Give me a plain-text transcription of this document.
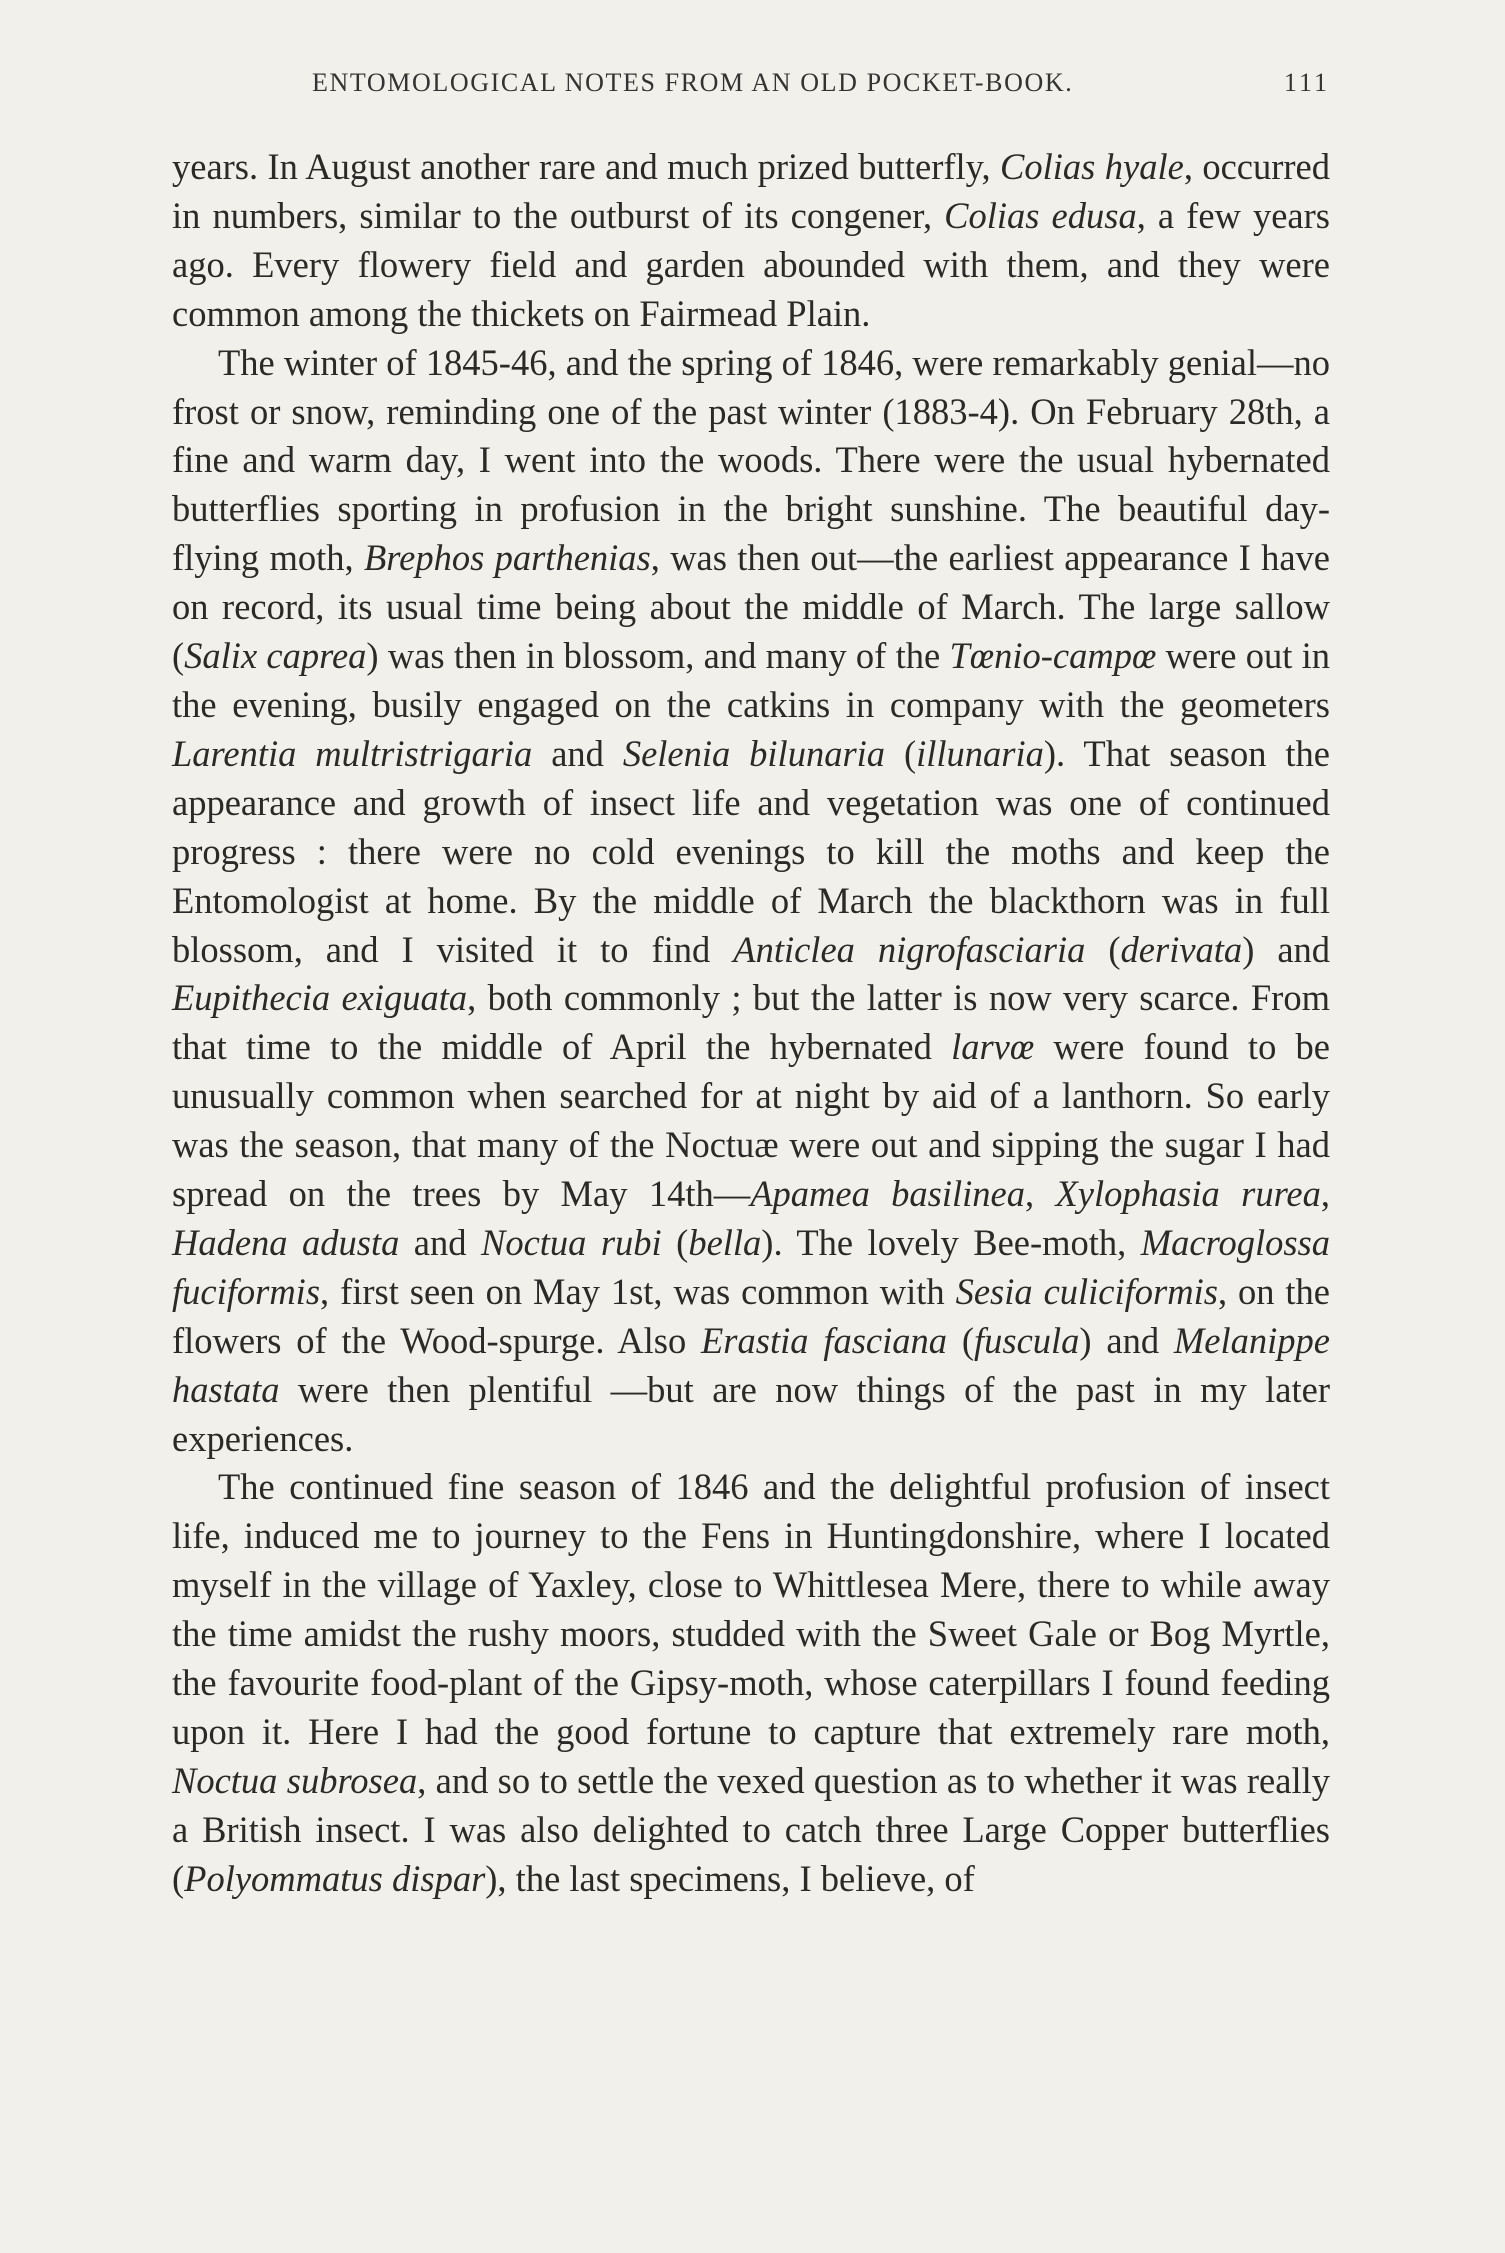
ENTOMOLOGICAL NOTES FROM AN OLD POCKET-BOOK.	111

years. In August another rare and much prized butterfly, Colias hyale, occurred in numbers, similar to the outburst of its congener, Colias edusa, a few years ago. Every flowery field and garden abounded with them, and they were common among the thickets on Fairmead Plain.

The winter of 1845-46, and the spring of 1846, were remarkably genial—no frost or snow, reminding one of the past winter (1883-4). On February 28th, a fine and warm day, I went into the woods. There were the usual hybernated butterflies sporting in profusion in the bright sunshine. The beautiful day-flying moth, Brephos parthenias, was then out—the earliest appearance I have on record, its usual time being about the middle of March. The large sallow (Salix caprea) was then in blossom, and many of the Tœnio-campœ were out in the evening, busily engaged on the catkins in company with the geometers Larentia multristrigaria and Selenia bilunaria (illunaria). That season the appearance and growth of insect life and vegetation was one of continued progress : there were no cold evenings to kill the moths and keep the Entomologist at home. By the middle of March the blackthorn was in full blossom, and I visited it to find Anticlea nigrofasciaria (derivata) and Eupithecia exiguata, both commonly ; but the latter is now very scarce. From that time to the middle of April the hybernated larvœ were found to be unusually common when searched for at night by aid of a lanthorn. So early was the season, that many of the Noctuæ were out and sipping the sugar I had spread on the trees by May 14th—Apamea basilinea, Xylophasia rurea, Hadena adusta and Noctua rubi (bella). The lovely Bee-moth, Macroglossa fuciformis, first seen on May 1st, was common with Sesia culiciformis, on the flowers of the Wood-spurge. Also Erastia fasciana (fuscula) and Melanippe hastata were then plentiful —but are now things of the past in my later experiences.

The continued fine season of 1846 and the delightful profusion of insect life, induced me to journey to the Fens in Huntingdonshire, where I located myself in the village of Yaxley, close to Whittlesea Mere, there to while away the time amidst the rushy moors, studded with the Sweet Gale or Bog Myrtle, the favourite food-plant of the Gipsy-moth, whose caterpillars I found feeding upon it. Here I had the good fortune to capture that extremely rare moth, Noctua subrosea, and so to settle the vexed question as to whether it was really a British insect. I was also delighted to catch three Large Copper butterflies (Polyommatus dispar), the last specimens, I believe, of
